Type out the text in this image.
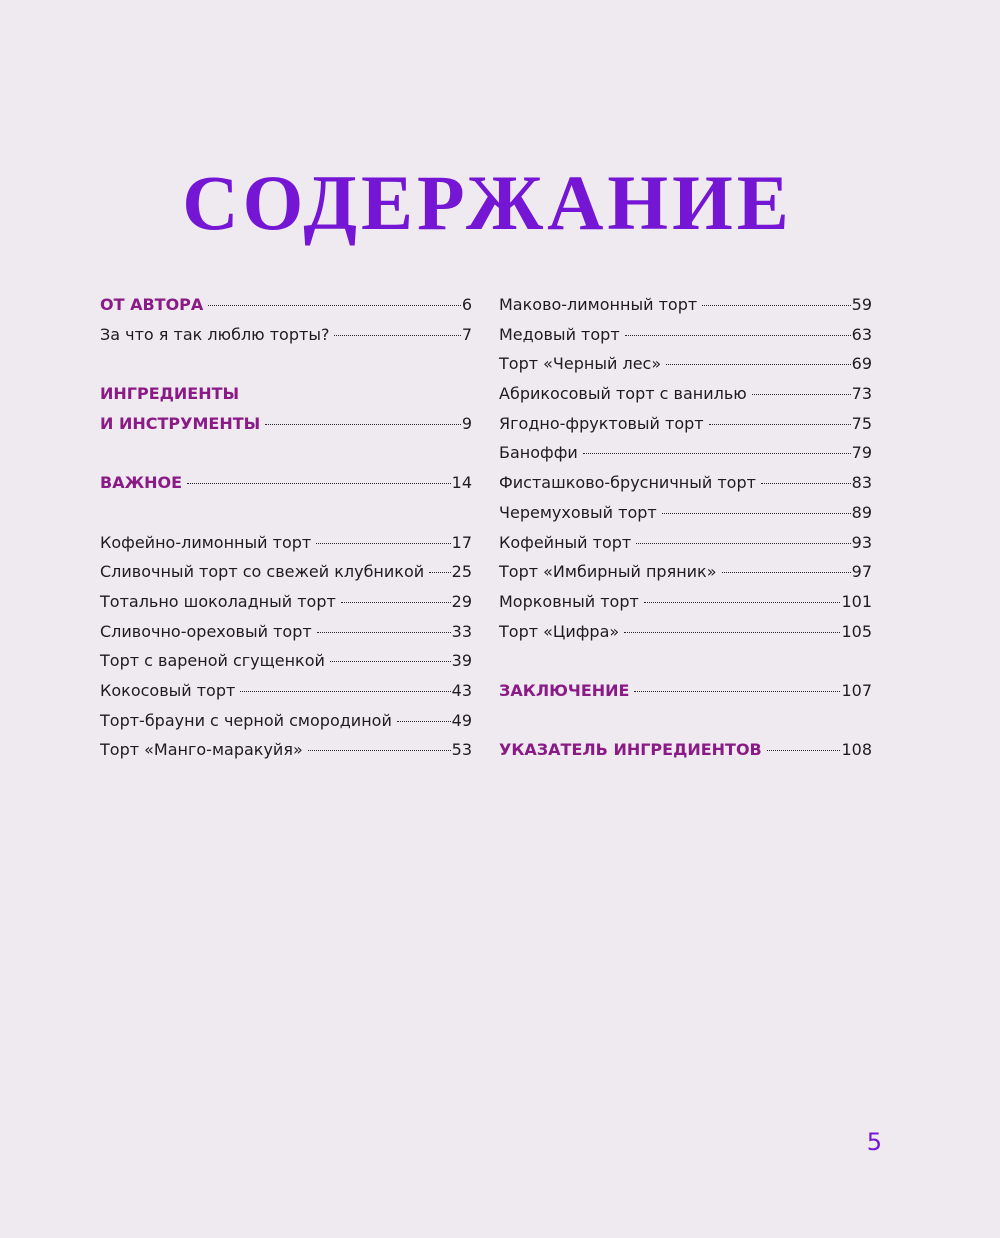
СОДЕРЖАНИЕ
ОТ АВТОРА	6
За что я так люблю торты?	7
ИНГРЕДИЕНТЫ
И ИНСТРУМЕНТЫ	9
ВАЖНОЕ	14
Кофейно-лимонный торт	17
Сливочный торт со свежей клубникой 25
Тотально шоколадный торт	29
Сливочно-ореховый торт	33
Торт с вареной сгущенкой	39
Кокосовый торт	43
Торт-брауни с черной смородиной	49
Торт «Манго-маракуйя»	53
Маково-лимонный торт	59
Медовый торт	63
Торт «Черный лес»	69
Абрикосовый торт с ванилью	73
Ягодно-фруктовый торт	75
Баноффи	79
Фисташково-брусничный торт	83
Черемуховый торт	89
Кофейный торт	93
Торт «Имбирный пряник»	97
Морковный торт	101
Торт «Цифра»	105
ЗАКЛЮЧЕНИЕ	107
УКАЗАТЕЛЬ ИНГРЕДИЕНТОВ	108
5
